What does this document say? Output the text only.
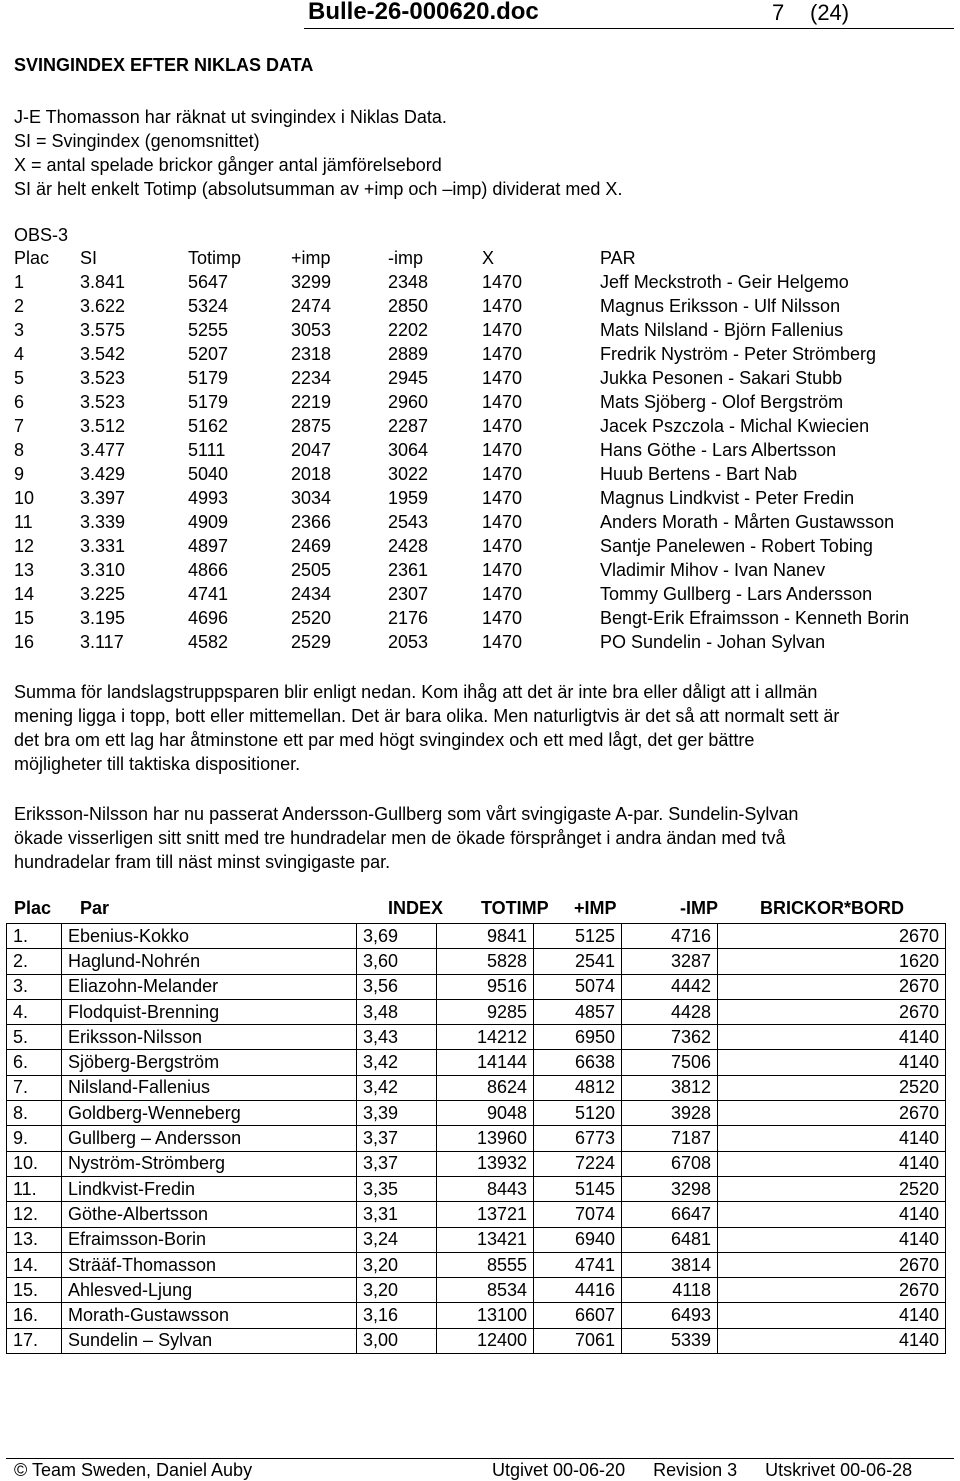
Bulle-26-000620.doc	7 (24)
SVINGINDEX EFTER NIKLAS DATA
J-E Thomasson har räknat ut svingindex i Niklas Data.
SI = Svingindex (genomsnittet)
X = antal spelade brickor gånger antal jämförelsebord
SI är helt enkelt Totimp (absolutsumman av +imp och –imp) dividerat med X.
OBS-3
Plac SI	Totimp	+imp	-imp	X	PAR
1	3.841	5647	3299	2348	1470	Jeff Meckstroth - Geir Helgemo
2	3.622	5324	2474	2850	1470	Magnus Eriksson - Ulf Nilsson
3	3.575	5255	3053	2202	1470	Mats Nilsland - Björn Fallenius
4	3.542	5207	2318	2889	1470	Fredrik Nyström - Peter Strömberg
5	3.523	5179	2234	2945	1470	Jukka Pesonen - Sakari Stubb
6	3.523	5179	2219	2960	1470	Mats Sjöberg - Olof Bergström
7	3.512	5162	2875	2287	1470	Jacek Pszczola - Michal Kwiecien
8	3.477	5111	2047	3064	1470	Hans Göthe - Lars Albertsson
9	3.429	5040	2018	3022	1470	Huub Bertens - Bart Nab
10	3.397	4993	3034	1959	1470	Magnus Lindkvist - Peter Fredin
11	3.339	4909	2366	2543	1470	Anders Morath - Mårten Gustawsson
12	3.331	4897	2469	2428	1470	Santje Panelewen - Robert Tobing
13	3.310	4866	2505	2361	1470	Vladimir Mihov - Ivan Nanev
14	3.225	4741	2434	2307	1470	Tommy Gullberg - Lars Andersson
15	3.195	4696	2520	2176	1470	Bengt-Erik Efraimsson - Kenneth Borin
16	3.117	4582	2529	2053	1470	PO Sundelin - Johan Sylvan
Summa för landslagstruppsparen blir enligt nedan. Kom ihåg att det är inte bra eller dåligt att i allmän
mening ligga i topp, bott eller mittemellan. Det är bara olika. Men naturligtvis är det så att normalt sett är
det bra om ett lag har åtminstone ett par med högt svingindex och ett med lågt, det ger bättre
möjligheter till taktiska dispositioner.
Eriksson-Nilsson har nu passerat Andersson-Gullberg som vårt svingigaste A-par. Sundelin-Sylvan
ökade visserligen sitt snitt med tre hundradelar men de ökade försprånget i andra ändan med två
hundradelar fram till näst minst svingigaste par.
Plac Par	INDEX TOTIMP +IMP	-IMP BRICKOR*BORD
1.	Ebenius-Kokko	3,69	9841	5125	4716	2670
2.	Haglund-Nohrén	3,60	5828	2541	3287	1620
3.	Eliazohn-Melander	3,56	9516	5074	4442	2670
4.	Flodquist-Brenning	3,48	9285	4857	4428	2670
5.	Eriksson-Nilsson	3,43	14212	6950	7362	4140
6.	Sjöberg-Bergström	3,42	14144	6638	7506	4140
7.	Nilsland-Fallenius	3,42	8624	4812	3812	2520
8.	Goldberg-Wenneberg	3,39	9048	5120	3928	2670
9.	Gullberg – Andersson	3,37	13960	6773	7187	4140
10.	Nyström-Strömberg	3,37	13932	7224	6708	4140
11.	Lindkvist-Fredin	3,35	8443	5145	3298	2520
12.	Göthe-Albertsson	3,31	13721	7074	6647	4140
13.	Efraimsson-Borin	3,24	13421	6940	6481	4140
14.	Strääf-Thomasson	3,20	8555	4741	3814	2670
15.	Ahlesved-Ljung	3,20	8534	4416	4118	2670
16.	Morath-Gustawsson	3,16	13100	6607	6493	4140
17.	Sundelin – Sylvan	3,00	12400	7061	5339	4140
© Team Sweden, Daniel Auby	Utgivet 00-06-20 Revision 3 Utskrivet 00-06-28
